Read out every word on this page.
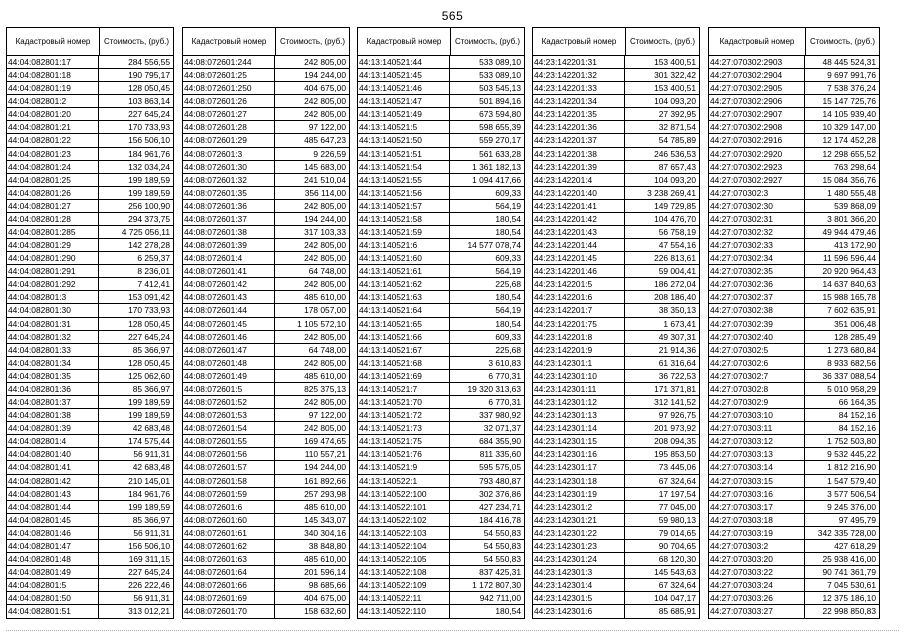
565
Кадастровый номер	Стоимость, (руб.)
44:04:082801:17	284 556,55
44:04:082801:18	190 795,17
44:04:082801:19	128 050,45
44:04:082801:2	103 863,14
44:04:082801:20	227 645,24
44:04:082801:21	170 733,93
44:04:082801:22	156 506,10
44:04:082801:23	184 961,76
44:04:082801:24	132 034,24
44:04:082801:25	199 189,59
44:04:082801:26	199 189,59
44:04:082801:27	256 100,90
44:04:082801:28	294 373,75
44:04:082801:285	4 725 056,11
44:04:082801:29	142 278,28
44:04:082801:290	6 259,37
44:04:082801:291	8 236,01
44:04:082801:292	7 412,41
44:04:082801:3	153 091,42
44:04:082801:30	170 733,93
44:04:082801:31	128 050,45
44:04:082801:32	227 645,24
44:04:082801:33	85 366,97
44:04:082801:34	128 050,45
44:04:082801:35	125 062,60
44:04:082801:36	85 366,97
44:04:082801:37	199 189,59
44:04:082801:38	199 189,59
44:04:082801:39	42 683,48
44:04:082801:4	174 575,44
44:04:082801:40	56 911,31
44:04:082801:41	42 683,48
44:04:082801:42	210 145,01
44:04:082801:43	184 961,76
44:04:082801:44	199 189,59
44:04:082801:45	85 366,97
44:04:082801:46	56 911,31
44:04:082801:47	156 506,10
44:04:082801:48	169 311,15
44:04:082801:49	227 645,24
44:04:082801:5	226 222,46
44:04:082801:50	56 911,31
44:04:082801:51	313 012,21
Кадастровый номер	Стоимость, (руб.)
44:08:072601:244	242 805,00
44:08:072601:25	194 244,00
44:08:072601:250	404 675,00
44:08:072601:26	242 805,00
44:08:072601:27	242 805,00
44:08:072601:28	97 122,00
44:08:072601:29	485 647,23
44:08:072601:3	9 226,59
44:08:072601:30	145 683,00
44:08:072601:32	241 510,04
44:08:072601:35	356 114,00
44:08:072601:36	242 805,00
44:08:072601:37	194 244,00
44:08:072601:38	317 103,33
44:08:072601:39	242 805,00
44:08:072601:4	242 805,00
44:08:072601:41	64 748,00
44:08:072601:42	242 805,00
44:08:072601:43	485 610,00
44:08:072601:44	178 057,00
44:08:072601:45	1 105 572,10
44:08:072601:46	242 805,00
44:08:072601:47	64 748,00
44:08:072601:48	242 805,00
44:08:072601:49	485 610,00
44:08:072601:5	825 375,13
44:08:072601:52	242 805,00
44:08:072601:53	97 122,00
44:08:072601:54	242 805,00
44:08:072601:55	169 474,65
44:08:072601:56	110 557,21
44:08:072601:57	194 244,00
44:08:072601:58	161 892,66
44:08:072601:59	257 293,98
44:08:072601:6	485 610,00
44:08:072601:60	145 343,07
44:08:072601:61	340 304,16
44:08:072601:62	38 848,80
44:08:072601:63	485 610,00
44:08:072601:64	201 596,14
44:08:072601:66	98 685,66
44:08:072601:69	404 675,00
44:08:072601:70	158 632,60
Кадастровый номер	Стоимость, (руб.)
44:13:140521:44	533 089,10
44:13:140521:45	533 089,10
44:13:140521:46	503 545,13
44:13:140521:47	501 894,16
44:13:140521:49	673 594,80
44:13:140521:5	598 655,39
44:13:140521:50	559 270,17
44:13:140521:51	561 633,28
44:13:140521:54	1 361 182,13
44:13:140521:55	1 094 417,66
44:13:140521:56	609,33
44:13:140521:57	564,19
44:13:140521:58	180,54
44:13:140521:59	180,54
44:13:140521:6	14 577 078,74
44:13:140521:60	609,33
44:13:140521:61	564,19
44:13:140521:62	225,68
44:13:140521:63	180,54
44:13:140521:64	564,19
44:13:140521:65	180,54
44:13:140521:66	609,33
44:13:140521:67	225,68
44:13:140521:68	3 610,83
44:13:140521:69	6 770,31
44:13:140521:7	19 320 313,63
44:13:140521:70	6 770,31
44:13:140521:72	337 980,92
44:13:140521:73	32 071,37
44:13:140521:75	684 355,90
44:13:140521:76	811 335,60
44:13:140521:9	595 575,05
44:13:140522:1	793 480,87
44:13:140522:100	302 376,86
44:13:140522:101	427 234,71
44:13:140522:102	184 416,78
44:13:140522:103	54 550,83
44:13:140522:104	54 550,83
44:13:140522:105	54 550,83
44:13:140522:108	837 425,31
44:13:140522:109	1 172 807,30
44:13:140522:11	942 711,00
44:13:140522:110	180,54
Кадастровый номер	Стоимость, (руб.)
44:23:142201:31	153 400,51
44:23:142201:32	301 322,42
44:23:142201:33	153 400,51
44:23:142201:34	104 093,20
44:23:142201:35	27 392,95
44:23:142201:36	32 871,54
44:23:142201:37	54 785,89
44:23:142201:38	246 536,53
44:23:142201:39	87 657,43
44:23:142201:4	104 093,20
44:23:142201:40	3 238 269,41
44:23:142201:41	149 729,85
44:23:142201:42	104 476,70
44:23:142201:43	56 758,19
44:23:142201:44	47 554,16
44:23:142201:45	226 813,61
44:23:142201:46	59 004,41
44:23:142201:5	186 272,04
44:23:142201:6	208 186,40
44:23:142201:7	38 350,13
44:23:142201:75	1 673,41
44:23:142201:8	49 307,31
44:23:142201:9	21 914,36
44:23:142301:1	61 316,64
44:23:142301:10	36 722,53
44:23:142301:11	171 371,81
44:23:142301:12	312 141,52
44:23:142301:13	97 926,75
44:23:142301:14	201 973,92
44:23:142301:15	208 094,35
44:23:142301:16	195 853,50
44:23:142301:17	73 445,06
44:23:142301:18	67 324,64
44:23:142301:19	17 197,54
44:23:142301:2	77 045,00
44:23:142301:21	59 980,13
44:23:142301:22	79 014,65
44:23:142301:23	90 704,65
44:23:142301:24	68 120,30
44:23:142301:3	145 543,63
44:23:142301:4	67 324,64
44:23:142301:5	104 047,17
44:23:142301:6	85 685,91
Кадастровый номер	Стоимость, (руб.)
44:27:070302:2903	48 445 524,31
44:27:070302:2904	9 697 991,76
44:27:070302:2905	7 538 376,24
44:27:070302:2906	15 147 725,76
44:27:070302:2907	14 105 939,40
44:27:070302:2908	10 329 147,00
44:27:070302:2916	12 174 452,28
44:27:070302:2920	12 298 655,52
44:27:070302:2923	763 298,64
44:27:070302:2927	15 084 356,76
44:27:070302:3	1 480 555,48
44:27:070302:30	539 868,09
44:27:070302:31	3 801 366,20
44:27:070302:32	49 944 479,46
44:27:070302:33	413 172,90
44:27:070302:34	11 596 596,44
44:27:070302:35	20 920 964,43
44:27:070302:36	14 637 840,63
44:27:070302:37	15 988 165,78
44:27:070302:38	7 602 635,91
44:27:070302:39	351 006,48
44:27:070302:40	128 285,49
44:27:070302:5	1 273 680,84
44:27:070302:6	8 933 682,56
44:27:070302:7	36 337 088,54
44:27:070302:8	5 010 958,29
44:27:070302:9	66 164,35
44:27:070303:10	84 152,16
44:27:070303:11	84 152,16
44:27:070303:12	1 752 503,80
44:27:070303:13	9 532 445,22
44:27:070303:14	1 812 216,90
44:27:070303:15	1 547 579,40
44:27:070303:16	3 577 506,54
44:27:070303:17	9 245 376,00
44:27:070303:18	97 495,79
44:27:070303:19	342 335 728,00
44:27:070303:2	427 618,29
44:27:070303:20	25 938 416,00
44:27:070303:22	90 741 361,79
44:27:070303:24	7 045 530,61
44:27:070303:26	12 375 186,10
44:27:070303:27	22 998 850,83
